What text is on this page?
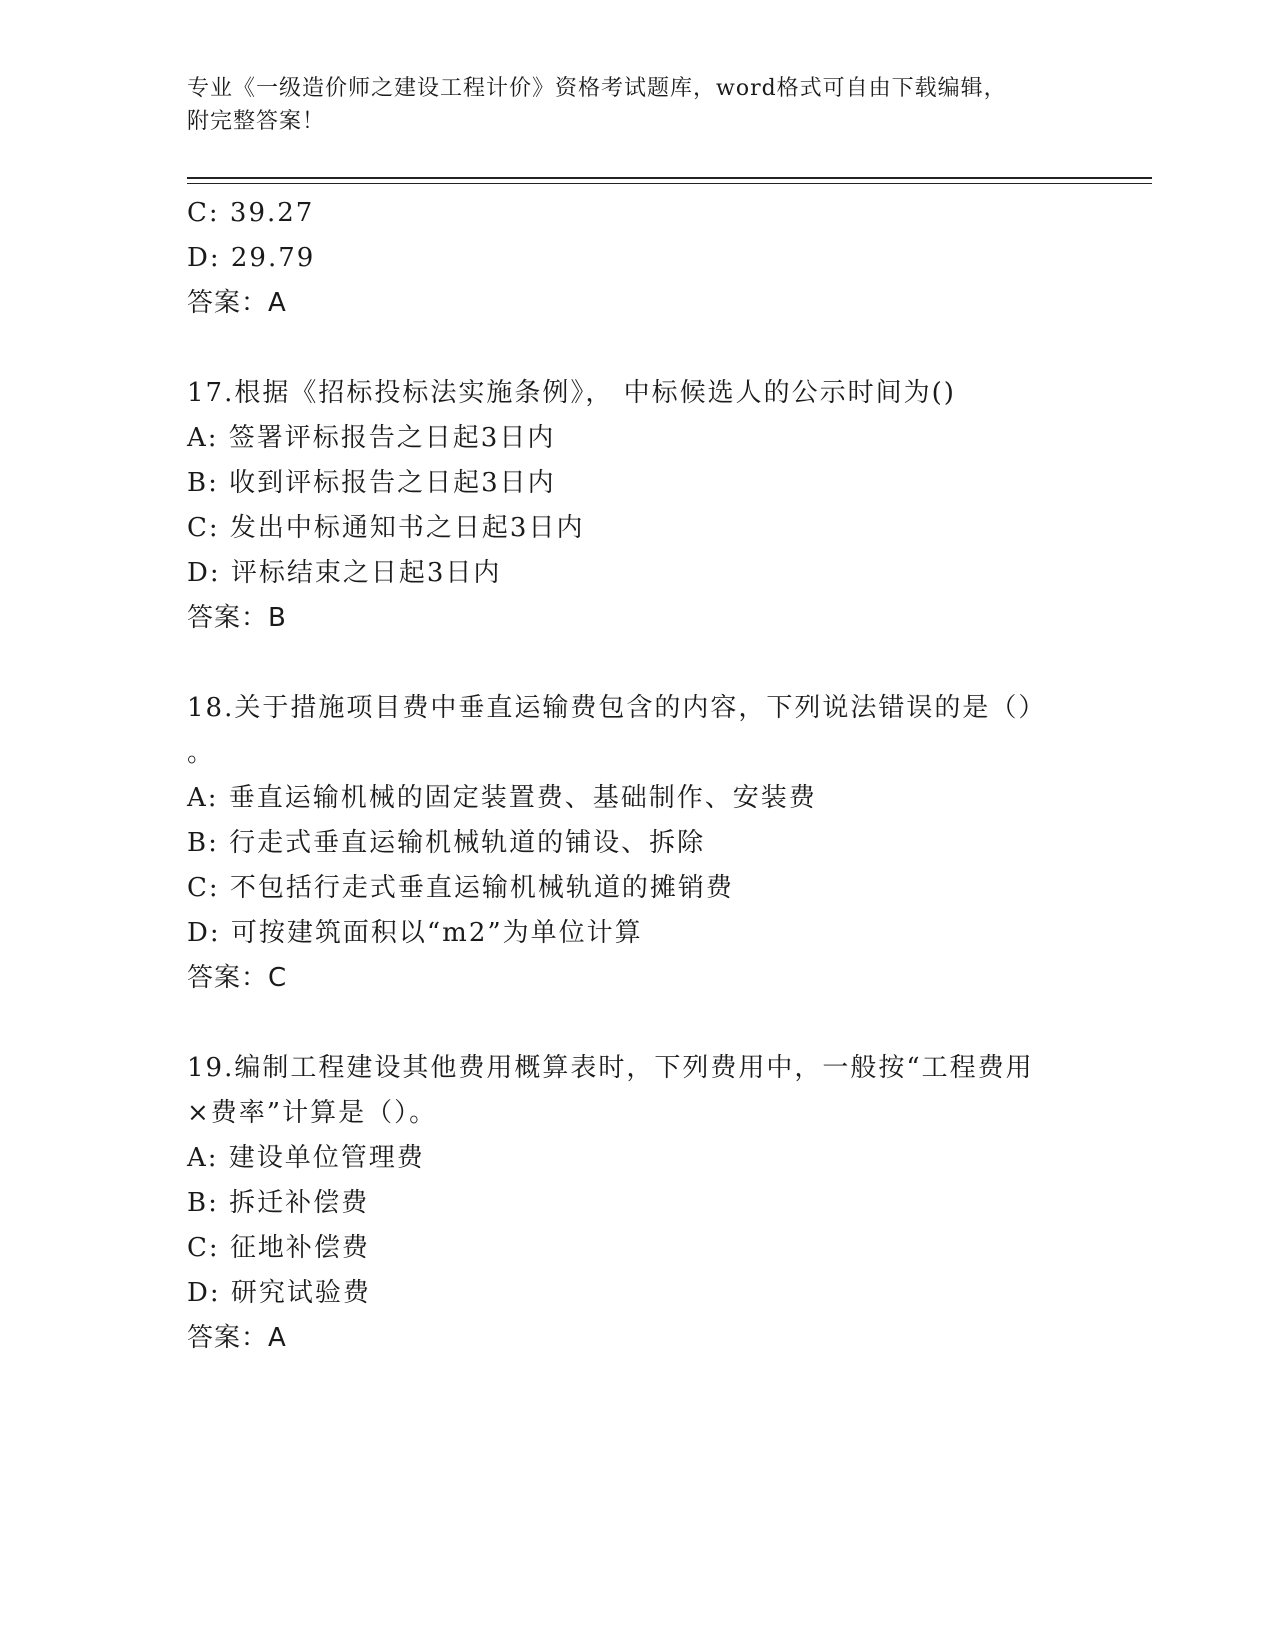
专业《一级造价师之建设工程计价》资格考试题库，word格式可自由下载编辑，
附完整答案！
C: 39.27
D: 29.79
答案：A
17.根据《招标投标法实施条例》， 中标候选人的公示时间为()
A: 签署评标报告之日起3日内
B: 收到评标报告之日起3日内
C: 发出中标通知书之日起3日内
D: 评标结束之日起3日内
答案：B
18.关于措施项目费中垂直运输费包含的内容，下列说法错误的是（）
。
A: 垂直运输机械的固定装置费、基础制作、安装费
B: 行走式垂直运输机械轨道的铺设、拆除
C: 不包括行走式垂直运输机械轨道的摊销费
D: 可按建筑面积以“m2”为单位计算
答案：C
19.编制工程建设其他费用概算表时，下列费用中，一般按“工程费用
×费率”计算是（）。
A: 建设单位管理费
B: 拆迁补偿费
C: 征地补偿费
D: 研究试验费
答案：A
